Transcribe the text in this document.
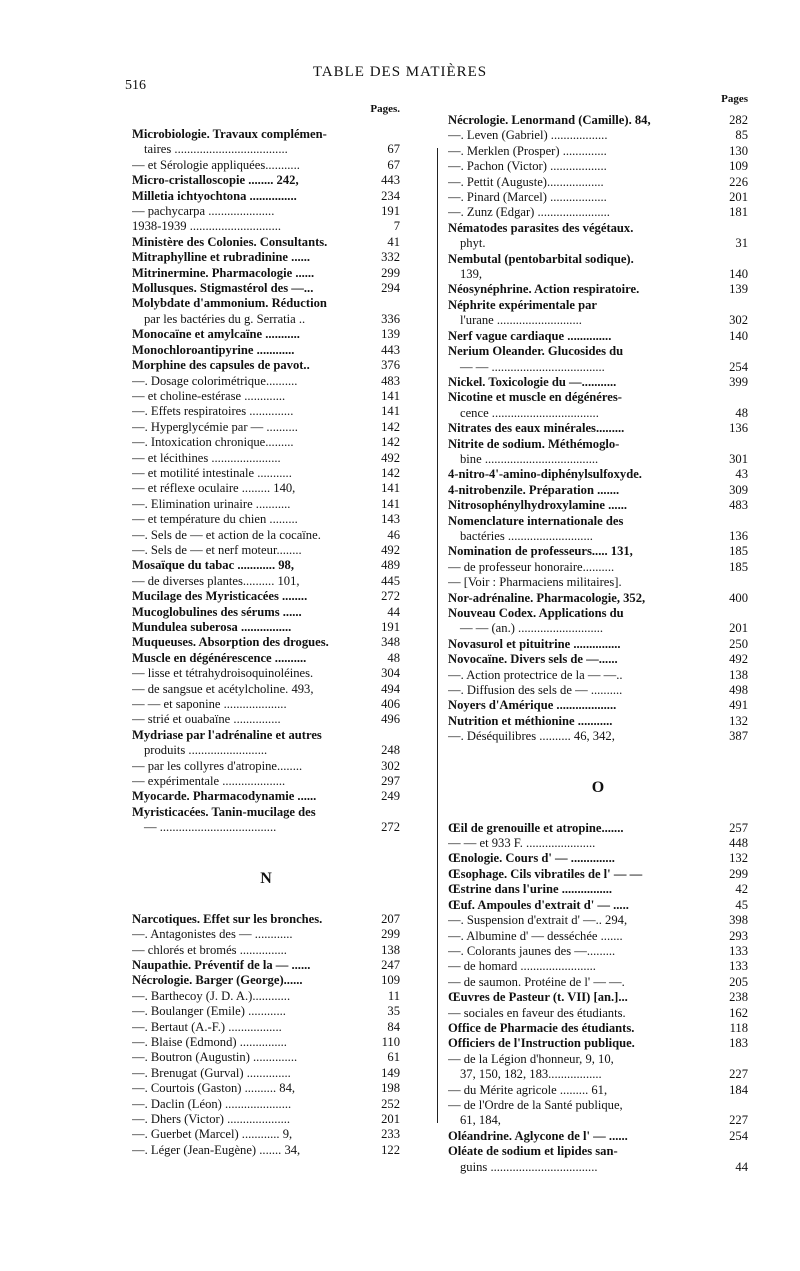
516
TABLE DES MATIÈRES
Pages.
Microbiologie. Travaux complémen-
taires ....................................	67
— et Sérologie appliquées...........	67
Micro-cristalloscopie ........ 242,	443
Milletia ichtyochtona ...............	234
— pachycarpa .....................	191
1938-1939 .............................	7
Ministère des Colonies. Consultants.	41
Mitraphylline et rubradinine ......	332
Mitrinermine. Pharmacologie ......	299
Mollusques. Stigmastérol des —...	294
Molybdate d'ammonium. Réduction
par les bactéries du g. Serratia ..	336
Monocaïne et amylcaïne ...........	139
Monochloroantipyrine ............	443
Morphine des capsules de pavot..	376
—. Dosage colorimétrique..........	483
— et choline-estérase .............	141
—. Effets respiratoires ..............	141
—. Hyperglycémie par — ..........	142
—. Intoxication chronique.........	142
— et lécithines ......................	492
— et motilité intestinale ...........	142
— et réflexe oculaire ......... 140,	141
—. Elimination urinaire ...........	141
— et température du chien .........	143
—. Sels de — et action de la cocaïne.	46
—. Sels de — et nerf moteur........	492
Mosaïque du tabac ............ 98,	489
— de diverses plantes.......... 101,	445
Mucilage des Myristicacées ........	272
Mucoglobulines des sérums ......	44
Mundulea suberosa ................	191
Muqueuses. Absorption des drogues.	348
Muscle en dégénérescence ..........	48
— lisse et tétrahydroisoquinoléines.	304
— de sangsue et acétylcholine. 493,	494
— — et saponine ....................	406
— strié et ouabaïne ...............	496
Mydriase par l'adrénaline et autres
produits .........................	248
— par les collyres d'atropine........	302
— expérimentale ....................	297
Myocarde. Pharmacodynamie ......	249
Myristicacées. Tanin-mucilage des
— .....................................	272
N
Narcotiques. Effet sur les bronches.	207
—. Antagonistes des — ............	299
— chlorés et bromés ...............	138
Naupathie. Préventif de la — ......	247
Nécrologie. Barger (George)......	109
—. Barthecoy (J. D. A.)............	11
—. Boulanger (Emile) ............	35
—. Bertaut (A.-F.) .................	84
—. Blaise (Edmond) ...............	110
—. Boutron (Augustin) ..............	61
—. Brenugat (Gurval) ..............	149
—. Courtois (Gaston) .......... 84,	198
—. Daclin (Léon) .....................	252
—. Dhers (Victor) ....................	201
—. Guerbet (Marcel) ............ 9,	233
—. Léger (Jean-Eugène) ....... 34,	122
Pages
Nécrologie. Lenormand (Camille). 84,	282
—. Leven (Gabriel) ..................	85
—. Merklen (Prosper) ..............	130
—. Pachon (Victor) ..................	109
—. Pettit (Auguste)..................	226
—. Pinard (Marcel) ..................	201
—. Zunz (Edgar) .......................	181
Nématodes parasites des végétaux.
phyt.	31
Nembutal (pentobarbital sodique).
139,	140
Néosynéphrine. Action respiratoire.	139
Néphrite expérimentale par
l'urane ...........................	302
Nerf vague cardiaque ..............	140
Nerium Oleander. Glucosides du
— — ....................................	254
Nickel. Toxicologie du —...........	399
Nicotine et muscle en dégénéres-
cence ..................................	48
Nitrates des eaux minérales.........	136
Nitrite de sodium. Méthémoglo-
bine ....................................	301
4-nitro-4'-amino-diphénylsulfoxyde.	43
4-nitrobenzile. Préparation .......	309
Nitrosophénylhydroxylamine ......	483
Nomenclature internationale des
bactéries ...........................	136
Nomination de professeurs..... 131,	185
— de professeur honoraire..........	185
— [Voir : Pharmaciens militaires].
Nor-adrénaline. Pharmacologie, 352,	400
Nouveau Codex. Applications du
— — (an.) ...........................	201
Novasurol et pituitrine ...............	250
Novocaïne. Divers sels de —......	492
—. Action protectrice de la — —..	138
—. Diffusion des sels de — ..........	498
Noyers d'Amérique ...................	491
Nutrition et méthionine ...........	132
—. Déséquilibres .......... 46, 342,	387
O
Œil de grenouille et atropine.......	257
— — et 933 F. ......................	448
Œnologie. Cours d' — ..............	132
Œsophage. Cils vibratiles de l' — —	299
Œstrine dans l'urine ................	42
Œuf. Ampoules d'extrait d' — .....	45
—. Suspension d'extrait d' —.. 294,	398
—. Albumine d' — desséchée .......	293
—. Colorants jaunes des —.........	133
— de homard ........................	133
— de saumon. Protéine de l' — —.	205
Œuvres de Pasteur (t. VII) [an.]...	238
— sociales en faveur des étudiants.	162
Office de Pharmacie des étudiants.	118
Officiers de l'Instruction publique.	183
— de la Légion d'honneur, 9, 10,
37, 150, 182, 183.................	227
— du Mérite agricole ......... 61,	184
— de l'Ordre de la Santé publique,
61, 184,	227
Oléandrine. Aglycone de l' — ......	254
Oléate de sodium et lipides san-
guins ..................................	44
